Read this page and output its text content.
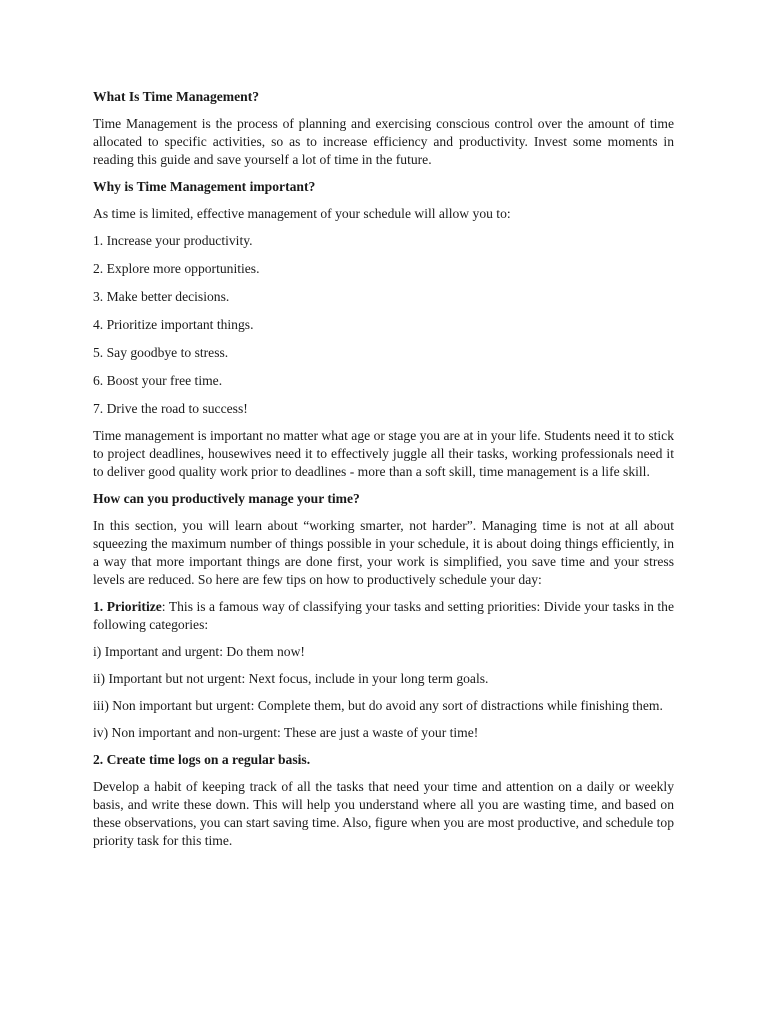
What Is Time Management?

Time Management is the process of planning and exercising conscious control over the amount of time allocated to specific activities, so as to increase efficiency and productivity. Invest some moments in reading this guide and save yourself a lot of time in the future.

Why is Time Management important?

As time is limited, effective management of your schedule will allow you to:

1. Increase your productivity.

2. Explore more opportunities.

3. Make better decisions.

4. Prioritize important things.

5. Say goodbye to stress.

6. Boost your free time.

7. Drive the road to success!

Time management is important no matter what age or stage you are at in your life. Students need it to stick to project deadlines, housewives need it to effectively juggle all their tasks, working professionals need it to deliver good quality work prior to deadlines - more than a soft skill, time management is a life skill.

How can you productively manage your time?

In this section, you will learn about “working smarter, not harder”. Managing time is not at all about squeezing the maximum number of things possible in your schedule, it is about doing things efficiently, in a way that more important things are done first, your work is simplified, you save time and your stress levels are reduced. So here are few tips on how to productively schedule your day:

1. Prioritize: This is a famous way of classifying your tasks and setting priorities: Divide your tasks in the following categories:

i) Important and urgent: Do them now!

ii) Important but not urgent: Next focus, include in your long term goals.

iii) Non important but urgent: Complete them, but do avoid any sort of distractions while finishing them.

iv) Non important and non-urgent: These are just a waste of your time!

2. Create time logs on a regular basis.

Develop a habit of keeping track of all the tasks that need your time and attention on a daily or weekly basis, and write these down. This will help you understand where all you are wasting time, and based on these observations, you can start saving time. Also, figure when you are most productive, and schedule top priority task for this time.
